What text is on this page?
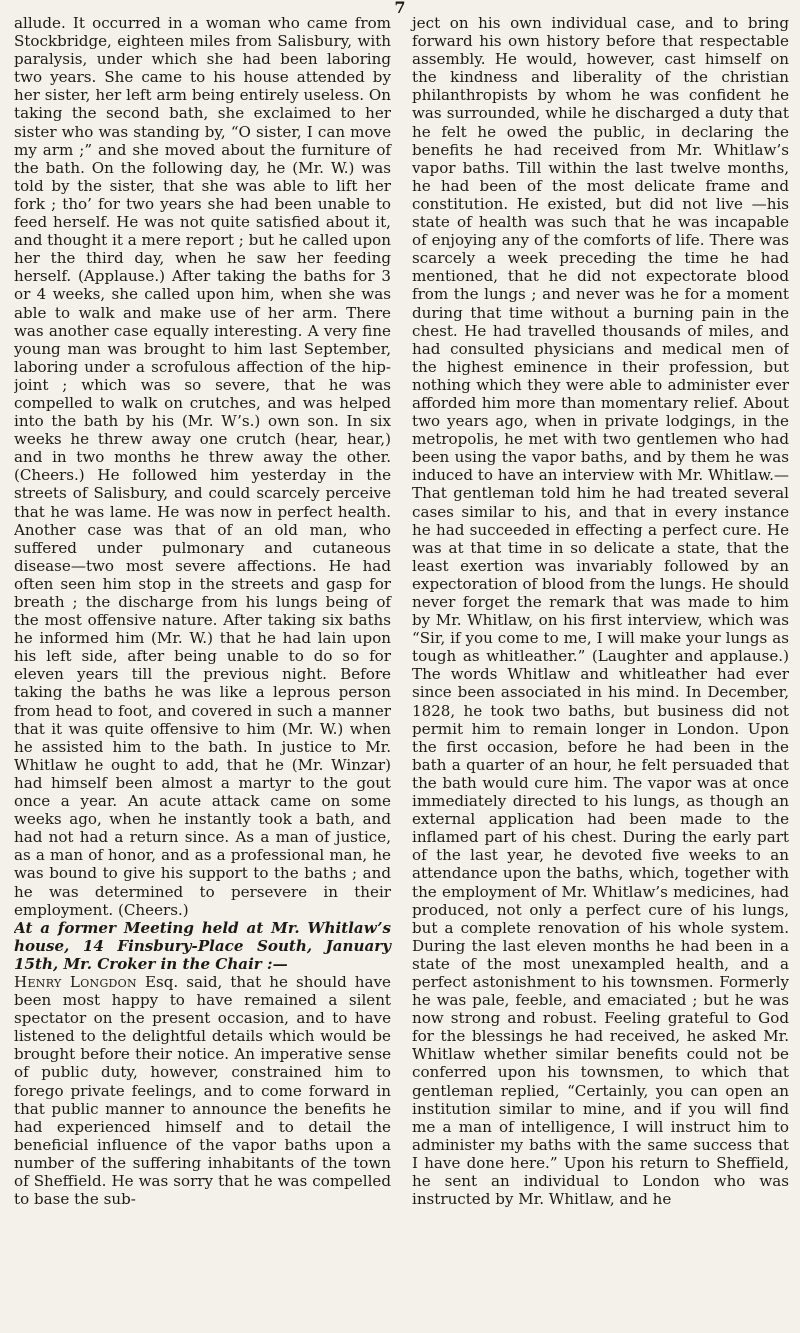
7

allude. It occurred in a woman who came from Stockbridge, eighteen miles from Salisbury, with paralysis, under which she had been laboring two years. She came to his house attended by her sister, her left arm being entirely useless. On taking the second bath, she exclaimed to her sister who was standing by, “O sister, I can move my arm ;” and she moved about the furniture of the bath. On the following day, he (Mr. W.) was told by the sister, that she was able to lift her fork ; tho’ for two years she had been unable to feed herself. He was not quite satisfied about it, and thought it a mere report ; but he called upon her the third day, when he saw her feeding herself. (Applause.) After taking the baths for 3 or 4 weeks, she called upon him, when she was able to walk and make use of her arm. There was another case equally interesting. A very fine young man was brought to him last September, laboring under a scrofulous affection of the hip-joint ; which was so severe, that he was compelled to walk on crutches, and was helped into the bath by his (Mr. W’s.) own son. In six weeks he threw away one crutch (hear, hear,) and in two months he threw away the other. (Cheers.) He followed him yesterday in the streets of Salisbury, and could scarcely perceive that he was lame. He was now in perfect health. Another case was that of an old man, who suffered under pulmonary and cutaneous disease—two most severe affections. He had often seen him stop in the streets and gasp for breath ; the discharge from his lungs being of the most offensive nature. After taking six baths he informed him (Mr. W.) that he had lain upon his left side, after being unable to do so for eleven years till the previous night. Before taking the baths he was like a leprous person from head to foot, and covered in such a manner that it was quite offensive to him (Mr. W.) when he assisted him to the bath. In justice to Mr. Whitlaw he ought to add, that he (Mr. Winzar) had himself been almost a martyr to the gout once a year. An acute attack came on some weeks ago, when he instantly took a bath, and had not had a return since. As a man of justice, as a man of honor, and as a professional man, he was bound to give his support to the baths ; and he was determined to persevere in their employment. (Cheers.)

At a former Meeting held at Mr. Whitlaw’s house, 14 Finsbury-Place South, January 15th, Mr. Croker in the Chair :—

Henry Longdon Esq. said, that he should have been most happy to have remained a silent spectator on the present occasion, and to have listened to the delightful details which would be brought before their notice. An imperative sense of public duty, however, constrained him to forego private feelings, and to come forward in that public manner to announce the benefits he had experienced himself and to detail the beneficial influence of the vapor baths upon a number of the suffering inhabitants of the town of Sheffield. He was sorry that he was compelled to base the sub-

ject on his own individual case, and to bring forward his own history before that respectable assembly. He would, however, cast himself on the kindness and liberality of the christian philanthropists by whom he was confident he was surrounded, while he discharged a duty that he felt he owed the public, in declaring the benefits he had received from Mr. Whitlaw’s vapor baths. Till within the last twelve months, he had been of the most delicate frame and constitution. He existed, but did not live —his state of health was such that he was incapable of enjoying any of the comforts of life. There was scarcely a week preceding the time he had mentioned, that he did not expectorate blood from the lungs ; and never was he for a moment during that time without a burning pain in the chest. He had travelled thousands of miles, and had consulted physicians and medical men of the highest eminence in their profession, but nothing which they were able to administer ever afforded him more than momentary relief. About two years ago, when in private lodgings, in the metropolis, he met with two gentlemen who had been using the vapor baths, and by them he was induced to have an interview with Mr. Whitlaw.— That gentleman told him he had treated several cases similar to his, and that in every instance he had succeeded in effecting a perfect cure. He was at that time in so delicate a state, that the least exertion was invariably followed by an expectoration of blood from the lungs. He should never forget the remark that was made to him by Mr. Whitlaw, on his first interview, which was “Sir, if you come to me, I will make your lungs as tough as whitleather.” (Laughter and applause.) The words Whitlaw and whitleather had ever since been associated in his mind. In December, 1828, he took two baths, but business did not permit him to remain longer in London. Upon the first occasion, before he had been in the bath a quarter of an hour, he felt persuaded that the bath would cure him. The vapor was at once immediately directed to his lungs, as though an external application had been made to the inflamed part of his chest. During the early part of the last year, he devoted five weeks to an attendance upon the baths, which, together with the employment of Mr. Whitlaw’s medicines, had produced, not only a perfect cure of his lungs, but a complete renovation of his whole system. During the last eleven months he had been in a state of the most unexampled health, and a perfect astonishment to his townsmen. Formerly he was pale, feeble, and emaciated ; but he was now strong and robust. Feeling grateful to God for the blessings he had received, he asked Mr. Whitlaw whether similar benefits could not be conferred upon his townsmen, to which that gentleman replied, “Certainly, you can open an institution similar to mine, and if you will find me a man of intelligence, I will instruct him to administer my baths with the same success that I have done here.” Upon his return to Sheffield, he sent an individual to London who was instructed by Mr. Whitlaw, and he
